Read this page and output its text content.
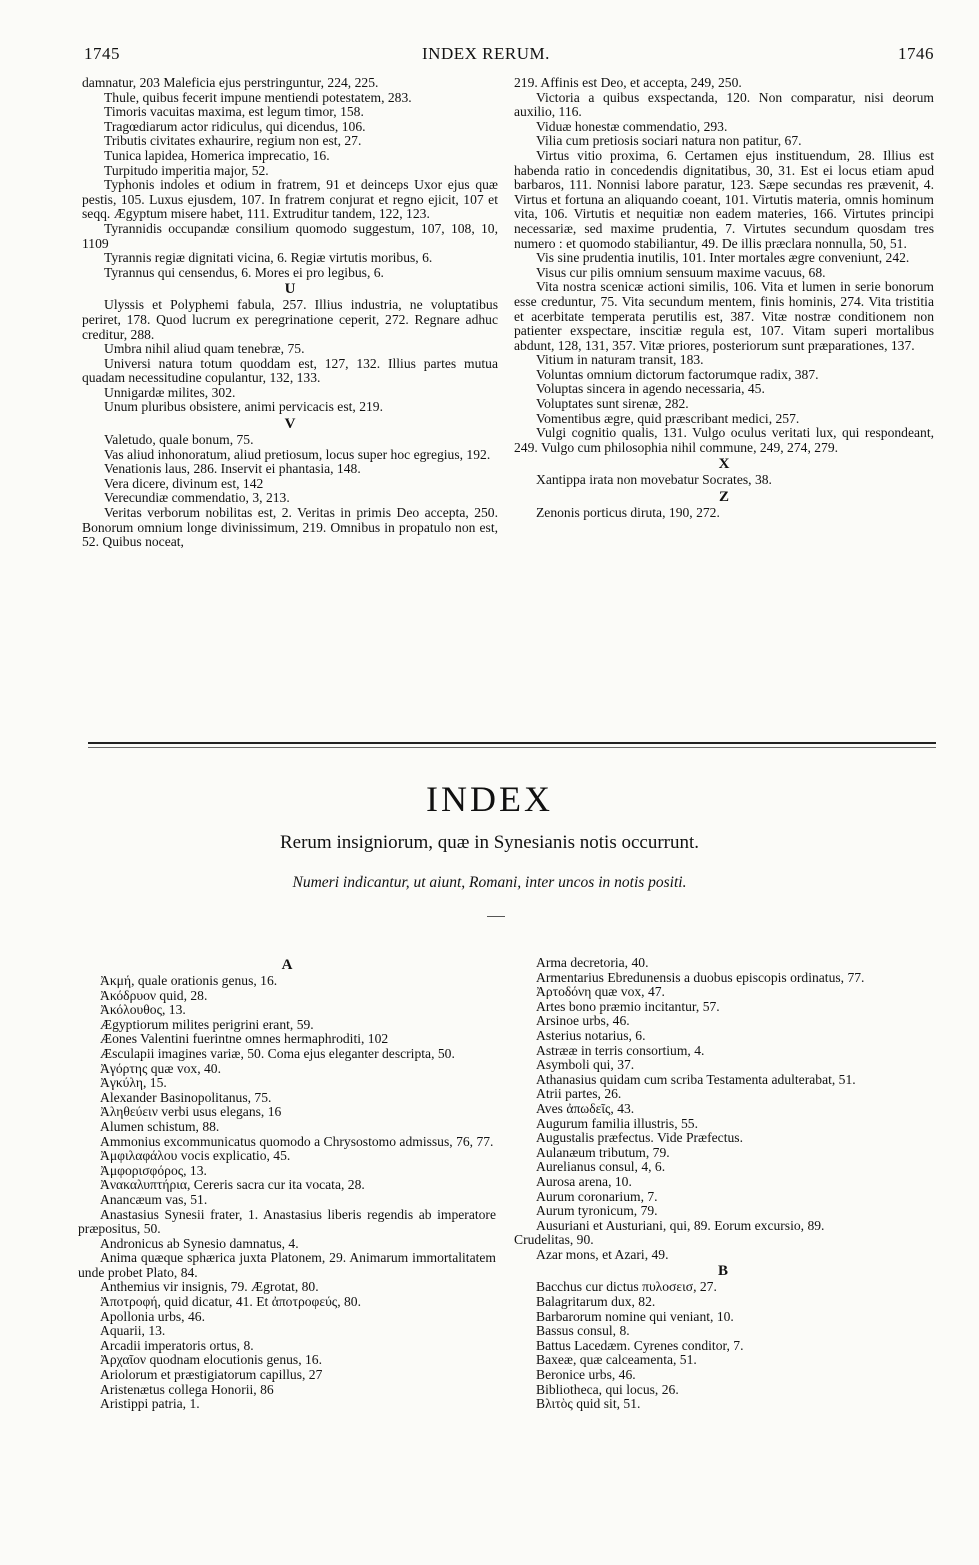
1745	INDEX RERUM.	1746

damnatur, 203 Maleficia ejus perstringuntur, 224, 225.

Thule, quibus fecerit impune mentiendi potestatem, 283.

Timoris vacuitas maxima, est legum timor, 158.

Tragœdiarum actor ridiculus, qui dicendus, 106.

Tributis civitates exhaurire, regium non est, 27.

Tunica lapidea, Homerica imprecatio, 16.

Turpitudo imperitia major, 52.

Typhonis indoles et odium in fratrem, 91 et deinceps Uxor ejus quæ pestis, 105. Luxus ejusdem, 107. In fratrem conjurat et regno ejicit, 107 et seqq. Ægyptum misere habet, 111. Extruditur tandem, 122, 123.

Tyrannidis occupandæ consilium quomodo suggestum, 107, 108, 10, 1109

Tyrannis regiæ dignitati vicina, 6. Regiæ virtutis moribus, 6.

Tyrannus qui censendus, 6. Mores ei pro legibus, 6.

U

Ulyssis et Polyphemi fabula, 257. Illius industria, ne voluptatibus periret, 178. Quod lucrum ex peregrinatione ceperit, 272. Regnare adhuc creditur, 288.

Umbra nihil aliud quam tenebræ, 75.

Universi natura totum quoddam est, 127, 132. Illius partes mutua quadam necessitudine copulantur, 132, 133.

Unnigardæ milites, 302.

Unum pluribus obsistere, animi pervicacis est, 219.

V

Valetudo, quale bonum, 75.

Vas aliud inhonoratum, aliud pretiosum, locus super hoc egregius, 192.

Venationis laus, 286. Inservit ei phantasia, 148.

Vera dicere, divinum est, 142

Verecundiæ commendatio, 3, 213.

Veritas verborum nobilitas est, 2. Veritas in primis Deo accepta, 250. Bonorum omnium longe divinissimum, 219. Omnibus in propatulo non est, 52. Quibus noceat,

219. Affinis est Deo, et accepta, 249, 250.

Victoria a quibus exspectanda, 120. Non comparatur, nisi deorum auxilio, 116.

Viduæ honestæ commendatio, 293.

Vilia cum pretiosis sociari natura non patitur, 67.

Virtus vitio proxima, 6. Certamen ejus instituendum, 28. Illius est habenda ratio in concedendis dignitatibus, 30, 31. Est ei locus etiam apud barbaros, 111. Nonnisi labore paratur, 123. Sæpe secundas res prævenit, 4. Virtus et fortuna an aliquando coeant, 101. Virtutis materia, omnis hominum vita, 106. Virtutis et nequitiæ non eadem materies, 166. Virtutes principi necessariæ, sed maxime prudentia, 7. Virtutes secundum quosdam tres numero : et quomodo stabiliantur, 49. De illis præclara nonnulla, 50, 51.

Vis sine prudentia inutilis, 101. Inter mortales ægre conveniunt, 242.

Visus cur pilis omnium sensuum maxime vacuus, 68.

Vita nostra scenicæ actioni similis, 106. Vita et lumen in serie bonorum esse creduntur, 75. Vita secundum mentem, finis hominis, 274. Vita tristitia et acerbitate temperata perutilis est, 387. Vitæ nostræ conditionem non patienter exspectare, inscitiæ regula est, 107. Vitam superi mortalibus abdunt, 128, 131, 357. Vitæ priores, posteriorum sunt præparationes, 137.

Vitium in naturam transit, 183.

Voluntas omnium dictorum factorumque radix, 387.

Voluptas sincera in agendo necessaria, 45.

Voluptates sunt sirenæ, 282.

Vomentibus ægre, quid præscribant medici, 257.

Vulgi cognitio qualis, 131. Vulgo oculus veritati lux, qui respondeant, 249. Vulgo cum philosophia nihil commune, 249, 274, 279.

X

Xantippa irata non movebatur Socrates, 38.

Z

Zenonis porticus diruta, 190, 272.

INDEX
Rerum insigniorum, quæ in Synesianis notis occurrunt.
Numeri indicantur, ut aiunt, Romani, inter uncos in notis positi.

A

Ἀκμή, quale orationis genus, 16.

Ἀκόδρυον quid, 28.

Ἀκόλουθος, 13.

Ægyptiorum milites perigrini erant, 59.

Æones Valentini fuerintne omnes hermaphroditi, 102

Æsculapii imagines variæ, 50. Coma ejus eleganter descripta, 50.

Ἀγόρτης quæ vox, 40.

Ἀγκύλη, 15.

Alexander Basinopolitanus, 75.

Ἀληθεύειν verbi usus elegans, 16

Alumen schistum, 88.

Ammonius excommunicatus quomodo a Chrysostomo admissus, 76, 77.

Ἀμφιλαφάλου vocis explicatio, 45.

Ἀμφορισφόρος, 13.

Ἀνακαλυπτήρια, Cereris sacra cur ita vocata, 28.

Anancæum vas, 51.

Anastasius Synesii frater, 1. Anastasius liberis regendis ab imperatore præpositus, 50.

Andronicus ab Synesio damnatus, 4.

Anima quæque sphærica juxta Platonem, 29. Animarum immortalitatem unde probet Plato, 84.

Anthemius vir insignis, 79. Ægrotat, 80.

Ἀποτροφή, quid dicatur, 41. Et ἀποτροφεύς, 80.

Apollonia urbs, 46.

Aquarii, 13.

Arcadii imperatoris ortus, 8.

Ἀρχαῖον quodnam elocutionis genus, 16.

Ariolorum et præstigiatorum capillus, 27

Aristenætus collega Honorii, 86

Aristippi patria, 1.

Arma decretoria, 40.

Armentarius Ebredunensis a duobus episcopis ordinatus, 77.

Ἀρτοδόνη quæ vox, 47.

Artes bono præmio incitantur, 57.

Arsinoe urbs, 46.

Asterius notarius, 6.

Astrææ in terris consortium, 4.

Asymboli qui, 37.

Athanasius quidam cum scriba Testamenta adulterabat, 51.

Atrii partes, 26.

Aves ἀπωδεῖς, 43.

Augurum familia illustris, 55.

Augustalis præfectus. Vide Præfectus.

Aulanæum tributum, 79.

Aurelianus consul, 4, 6.

Aurosa arena, 10.

Aurum coronarium, 7.

Aurum tyronicum, 79.

Ausuriani et Austuriani, qui, 89. Eorum excursio, 89.

Crudelitas, 90.

Azar mons, et Azari, 49.

B

Bacchus cur dictus πυλοσεισ, 27.

Balagritarum dux, 82.

Barbarorum nomine qui veniant, 10.

Bassus consul, 8.

Battus Lacedæm. Cyrenes conditor, 7.

Baxeæ, quæ calceamenta, 51.

Beronice urbs, 46.

Bibliotheca, qui locus, 26.

Βλιτὸς quid sit, 51.
